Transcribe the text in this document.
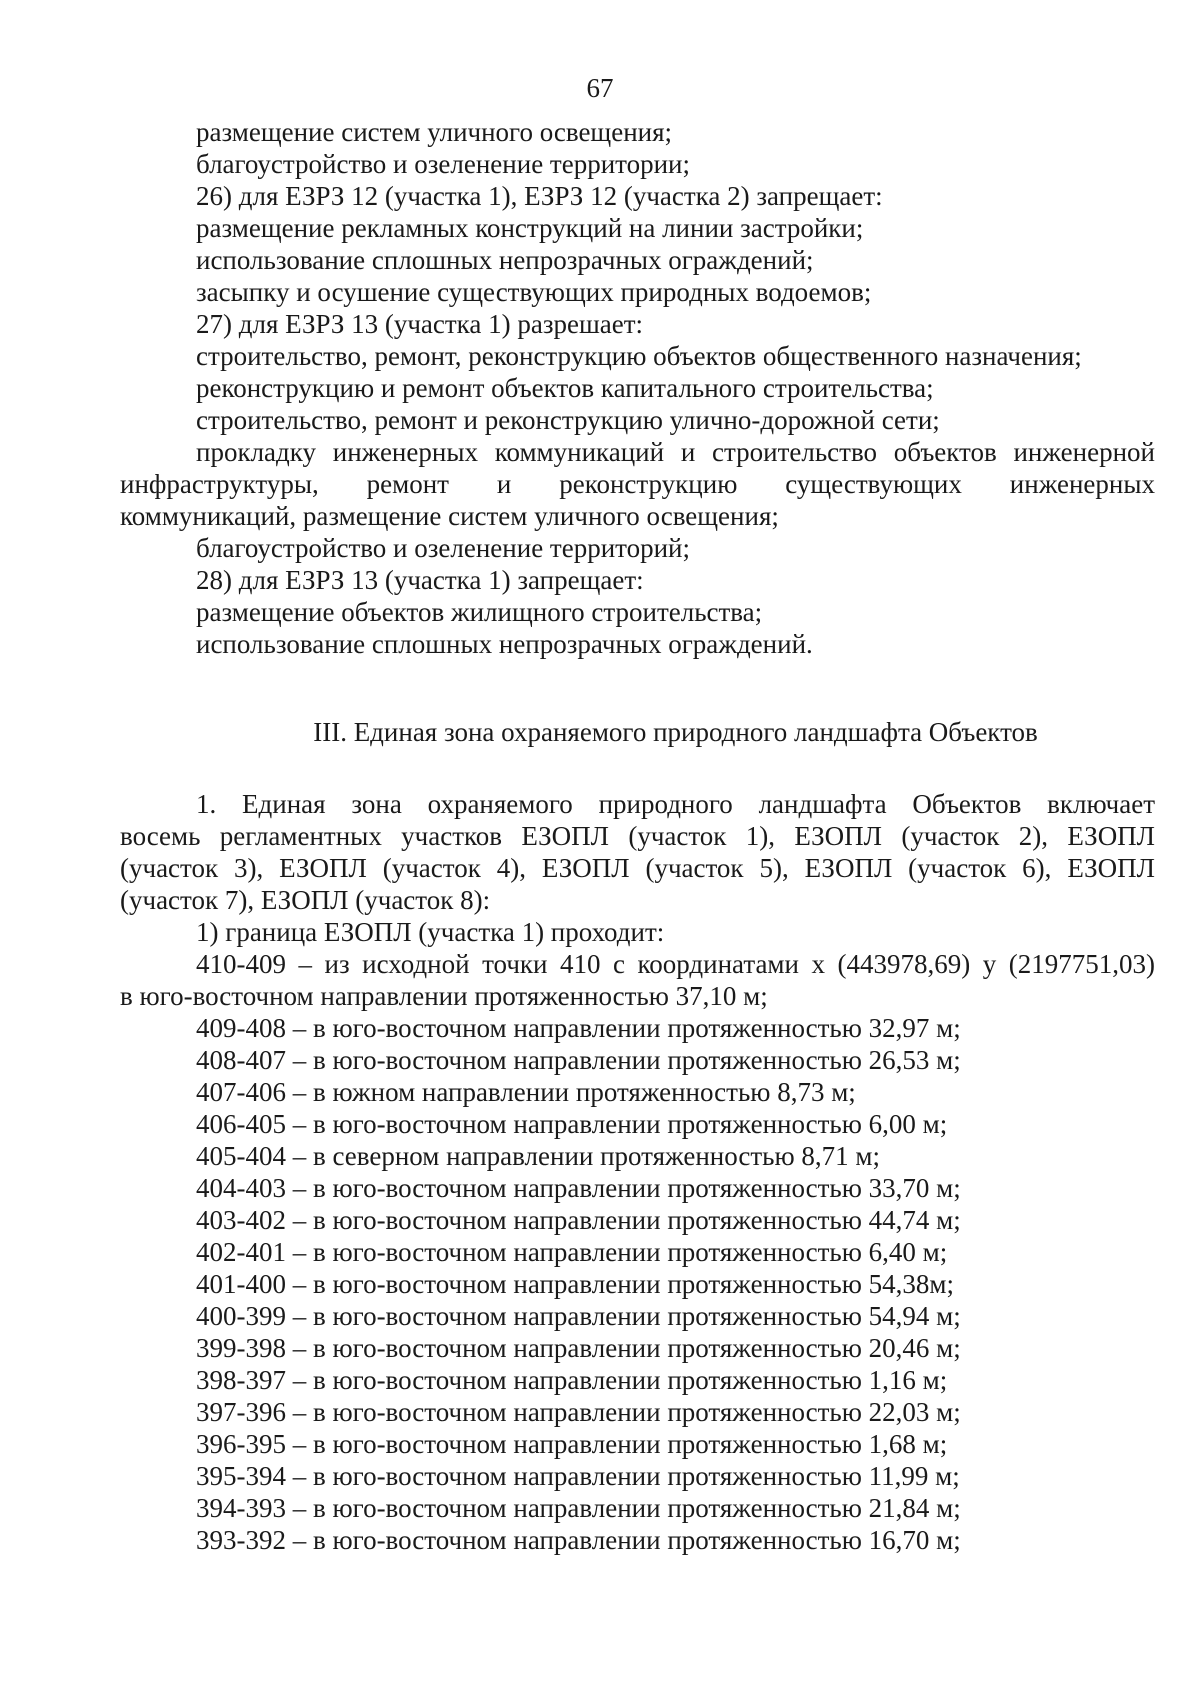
67
размещение систем уличного освещения;
благоустройство и озеленение территории;
26) для ЕЗРЗ 12 (участка 1), ЕЗРЗ 12 (участка 2) запрещает:
размещение рекламных конструкций на линии застройки;
использование сплошных непрозрачных ограждений;
засыпку и осушение существующих природных водоемов;
27) для ЕЗРЗ 13 (участка 1) разрешает:
строительство, ремонт, реконструкцию объектов общественного назначения;
реконструкцию и ремонт объектов капитального строительства;
строительство, ремонт и реконструкцию улично-дорожной сети;
прокладку инженерных коммуникаций и строительство объектов инженерной
инфраструктуры, ремонт и реконструкцию существующих инженерных
коммуникаций, размещение систем уличного освещения;
благоустройство и озеленение территорий;
28) для ЕЗРЗ 13 (участка 1) запрещает:
размещение объектов жилищного строительства;
использование сплошных непрозрачных ограждений.
III. Единая зона охраняемого природного ландшафта Объектов
1. Единая зона охраняемого природного ландшафта Объектов включает
восемь регламентных участков ЕЗОПЛ (участок 1), ЕЗОПЛ (участок 2), ЕЗОПЛ
(участок 3), ЕЗОПЛ (участок 4), ЕЗОПЛ (участок 5), ЕЗОПЛ (участок 6), ЕЗОПЛ
(участок 7), ЕЗОПЛ (участок 8):
1) граница ЕЗОПЛ (участка 1) проходит:
410-409 – из исходной точки 410 с координатами x (443978,69) y (2197751,03)
в юго-восточном направлении протяженностью 37,10 м;
409-408 – в юго-восточном направлении протяженностью 32,97 м;
408-407 – в юго-восточном направлении протяженностью 26,53 м;
407-406 – в южном направлении протяженностью 8,73 м;
406-405 – в юго-восточном направлении протяженностью 6,00 м;
405-404 – в северном направлении протяженностью 8,71 м;
404-403 – в юго-восточном направлении протяженностью 33,70 м;
403-402 – в юго-восточном направлении протяженностью 44,74 м;
402-401 – в юго-восточном направлении протяженностью 6,40 м;
401-400 – в юго-восточном направлении протяженностью 54,38м;
400-399 – в юго-восточном направлении протяженностью 54,94 м;
399-398 – в юго-восточном направлении протяженностью 20,46 м;
398-397 – в юго-восточном направлении протяженностью 1,16 м;
397-396 – в юго-восточном направлении протяженностью 22,03 м;
396-395 – в юго-восточном направлении протяженностью 1,68 м;
395-394 – в юго-восточном направлении протяженностью 11,99 м;
394-393 – в юго-восточном направлении протяженностью 21,84 м;
393-392 – в юго-восточном направлении протяженностью 16,70 м;
